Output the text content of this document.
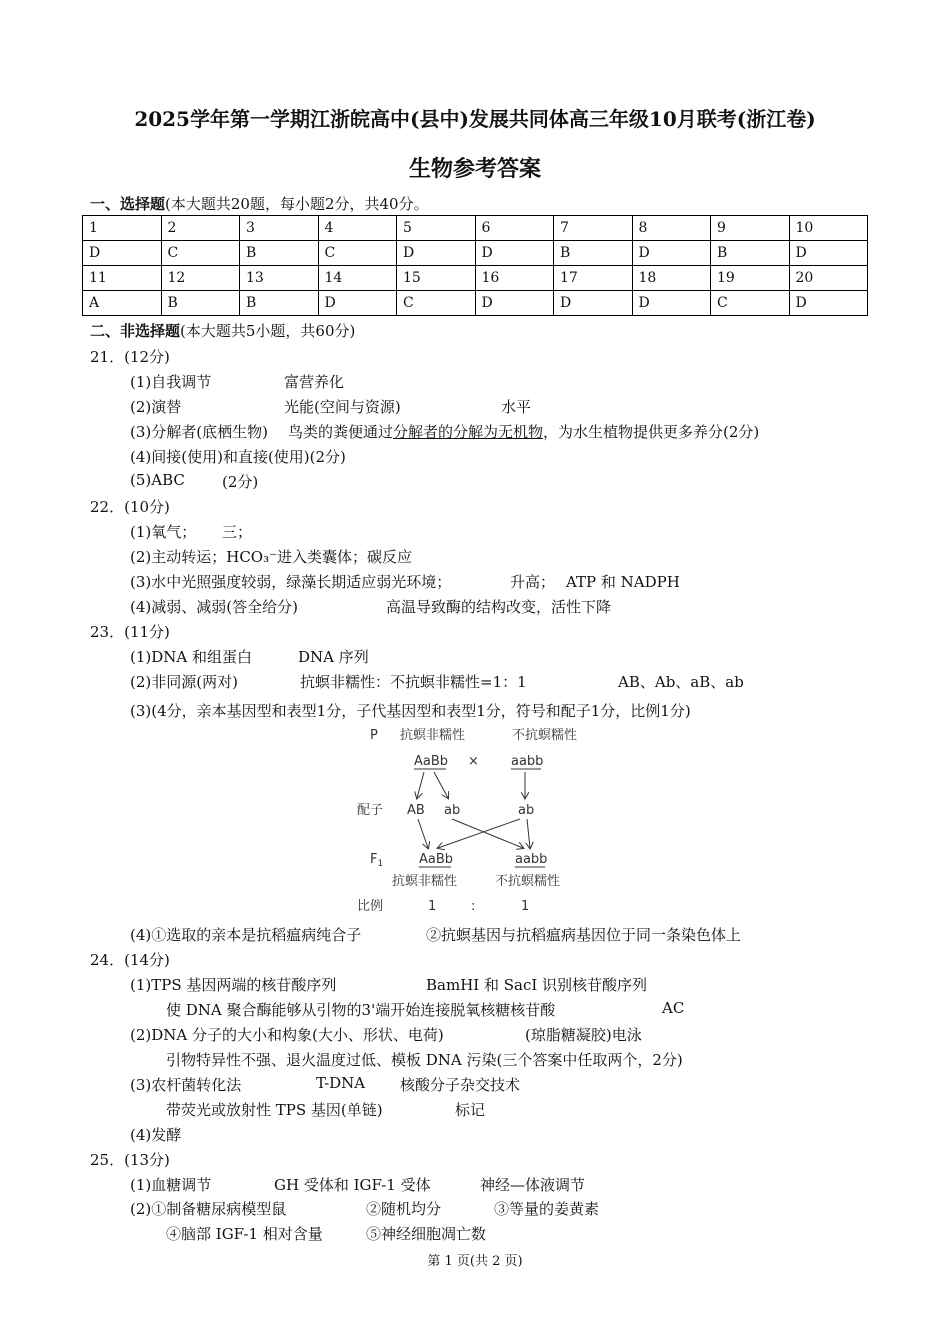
2025学年第一学期江浙皖高中(县中)发展共同体高三年级10月联考(浙江卷)
生物参考答案
一、选择题(本大题共20题，每小题2分，共40分。
1	2	3	4	5	6	7	8	9	10
D	C	B	C	D	D	B	D	B	D
11	12	13	14	15	16	17	18	19	20
A	B	B	D	C	D	D	D	C	D
二、非选择题(本大题共5小题，共60分)
21．(12分)
(1)自我调节	富营养化
(2)演替	光能(空间与资源)	水平
(3)分解者(底栖生物) 鸟类的粪便通过分解者的分解为无机物，为水生植物提供更多养分(2分)
(4)间接(使用)和直接(使用)(2分)
(5)ABC (2分)
22．(10分)
(1)氧气； 三；
(2)主动转运；HCO₃⁻进入类囊体；碳反应
(3)水中光照强度较弱，绿藻长期适应弱光环境；	升高； ATP 和 NADPH
(4)减弱、减弱(答全给分)	高温导致酶的结构改变，活性下降
23．(11分)
(1)DNA 和组蛋白	DNA 序列
(2)非同源(两对)	抗螟非糯性：不抗螟非糯性=1：1	AB、Ab、aB、ab
(3)(4分，亲本基因型和表型1分，子代基因型和表型1分，符号和配子1分，比例1分)
P 抗螟非糯性	不抗螟糯性
AaBb × aabb
配子 AB ab	ab
$F_1$	AaBb	aabb
抗螟非糯性	不抗螟糯性
比例	1	:	1
(4)①选取的亲本是抗稻瘟病纯合子	②抗螟基因与抗稻瘟病基因位于同一条染色体上
24．(14分)
(1)TPS 基因两端的核苷酸序列	BamHI 和 SacI 识别核苷酸序列
使 DNA 聚合酶能够从引物的3'端开始连接脱氧核糖核苷酸	AC
(2)DNA 分子的大小和构象(大小、形状、电荷)	(琼脂糖凝胶)电泳
引物特异性不强、退火温度过低、模板 DNA 污染(三个答案中任取两个，2分)
(3)农杆菌转化法	T-DNA 核酸分子杂交技术
带荧光或放射性 TPS 基因(单链)	标记
(4)发酵
25．(13分)
(1)血糖调节	GH 受体和 IGF-1 受体	神经—体液调节
(2)①制备糖尿病模型鼠	②随机均分	③等量的姜黄素
④脑部 IGF-1 相对含量	⑤神经细胞凋亡数
第 1 页(共 2 页)
